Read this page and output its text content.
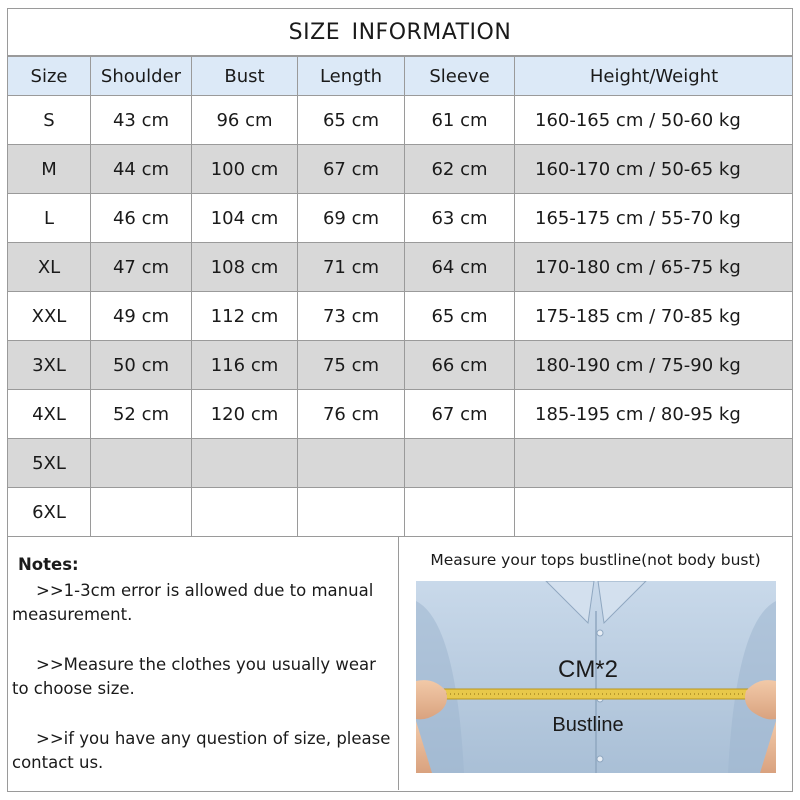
SIZE INFORMATION
Size	Shoulder	Bust	Length	Sleeve	Height/Weight
S	43 cm	96 cm	65 cm	61 cm	160-165 cm / 50-60 kg
M	44 cm	100 cm	67 cm	62 cm	160-170 cm / 50-65 kg
L	46 cm	104 cm	69 cm	63 cm	165-175 cm / 55-70 kg
XL	47 cm	108 cm	71 cm	64 cm	170-180 cm / 65-75 kg
XXL	49 cm	112 cm	73 cm	65 cm	175-185 cm / 70-85 kg
3XL	50 cm	116 cm	75 cm	66 cm	180-190 cm / 75-90 kg
4XL	52 cm	120 cm	76 cm	67 cm	185-195 cm / 80-95 kg
5XL					
6XL					
Notes:
>>1-3cm error is allowed due to manual measurement.
>>Measure the clothes you usually wear to choose size.
>>if you have any question of size, please contact us.
Measure your tops bustline(not body bust)
CM*2
Bustline
